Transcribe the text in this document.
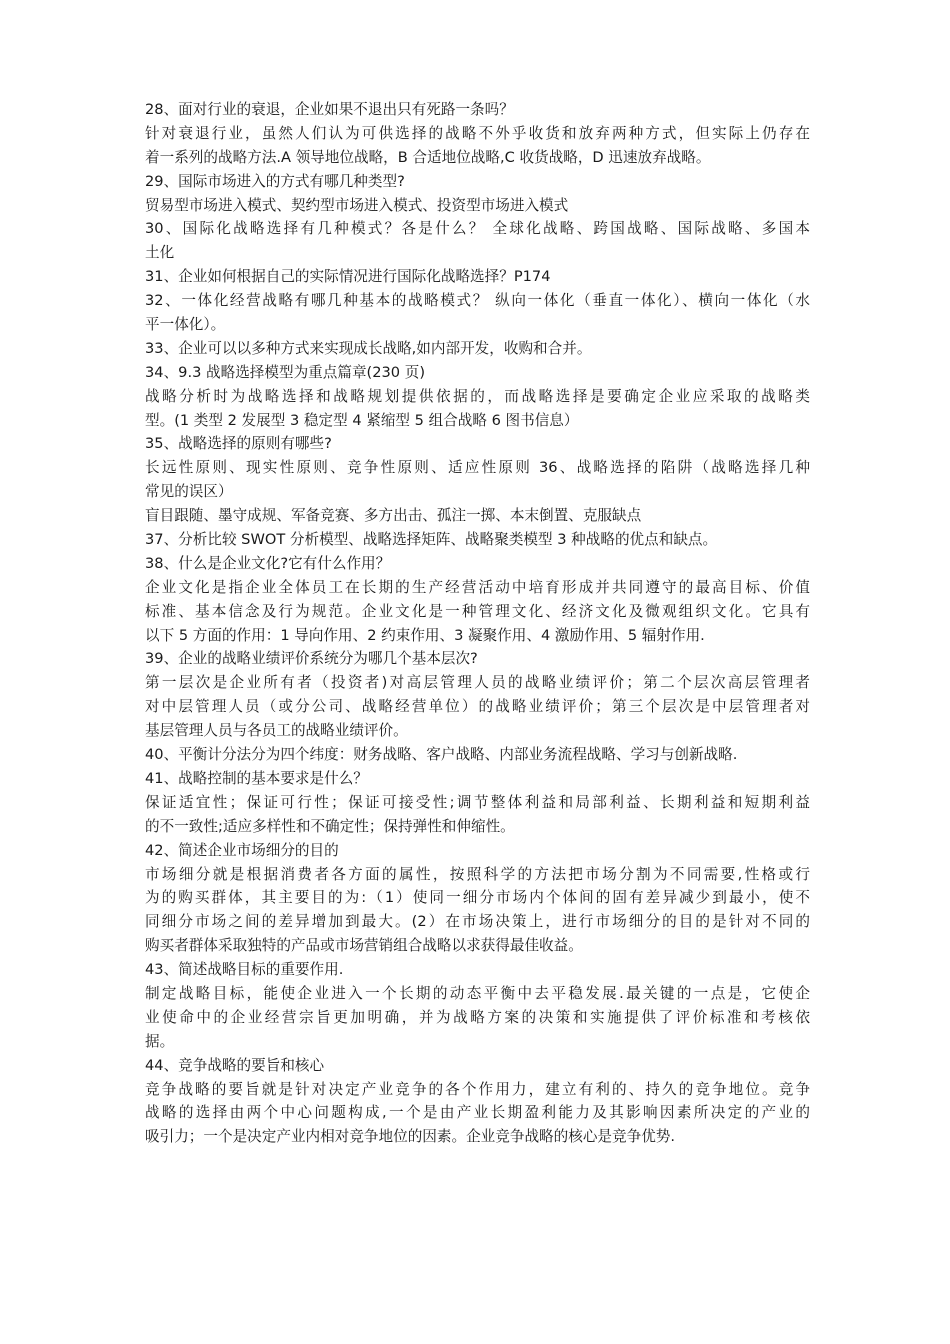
28、面对行业的衰退，企业如果不退出只有死路一条吗？
针对衰退行业，虽然人们认为可供选择的战略不外乎收货和放弃两种方式，但实际上仍存在
着一系列的战略方法.A 领导地位战略，B 合适地位战略,C 收货战略，D 迅速放弃战略。
29、国际市场进入的方式有哪几种类型?
贸易型市场进入模式、契约型市场进入模式、投资型市场进入模式
30、国际化战略选择有几种模式？各是什么？ 全球化战略、跨国战略、国际战略、多国本
土化
31、企业如何根据自己的实际情况进行国际化战略选择？P174
32、一体化经营战略有哪几种基本的战略模式？ 纵向一体化（垂直一体化）、横向一体化（水
平一体化）。
33、企业可以以多种方式来实现成长战略,如内部开发，收购和合并。
34、9.3 战略选择模型为重点篇章(230 页)
战略分析时为战略选择和战略规划提供依据的，而战略选择是要确定企业应采取的战略类
型。(1 类型 2 发展型 3 稳定型 4 紧缩型 5 组合战略 6 图书信息）
35、战略选择的原则有哪些?
长远性原则、现实性原则、竞争性原则、适应性原则 36、战略选择的陷阱（战略选择几种
常见的误区）
盲目跟随、墨守成规、军备竞赛、多方出击、孤注一掷、本末倒置、克服缺点
37、分析比较 SWOT 分析模型、战略选择矩阵、战略聚类模型 3 种战略的优点和缺点。
38、什么是企业文化?它有什么作用？
企业文化是指企业全体员工在长期的生产经营活动中培育形成并共同遵守的最高目标、价值
标准、基本信念及行为规范。企业文化是一种管理文化、经济文化及微观组织文化。它具有
以下 5 方面的作用：1 导向作用、2 约束作用、3 凝聚作用、4 激励作用、5 辐射作用.
39、企业的战略业绩评价系统分为哪几个基本层次?
第一层次是企业所有者（投资者)对高层管理人员的战略业绩评价；第二个层次高层管理者
对中层管理人员（或分公司、战略经营单位）的战略业绩评价；第三个层次是中层管理者对
基层管理人员与各员工的战略业绩评价。
40、平衡计分法分为四个纬度：财务战略、客户战略、内部业务流程战略、学习与创新战略.
41、战略控制的基本要求是什么？
保证适宜性；保证可行性；保证可接受性;调节整体利益和局部利益、长期利益和短期利益
的不一致性;适应多样性和不确定性；保持弹性和伸缩性。
42、简述企业市场细分的目的
市场细分就是根据消费者各方面的属性，按照科学的方法把市场分割为不同需要,性格或行
为的购买群体，其主要目的为:（1）使同一细分市场内个体间的固有差异减少到最小，使不
同细分市场之间的差异增加到最大。(2）在市场决策上，进行市场细分的目的是针对不同的
购买者群体采取独特的产品或市场营销组合战略以求获得最佳收益。
43、简述战略目标的重要作用.
制定战略目标，能使企业进入一个长期的动态平衡中去平稳发展.最关键的一点是，它使企
业使命中的企业经营宗旨更加明确，并为战略方案的决策和实施提供了评价标准和考核依
据。
44、竞争战略的要旨和核心
竞争战略的要旨就是针对决定产业竞争的各个作用力，建立有利的、持久的竞争地位。竞争
战略的选择由两个中心问题构成,一个是由产业长期盈利能力及其影响因素所决定的产业的
吸引力；一个是决定产业内相对竞争地位的因素。企业竞争战略的核心是竞争优势.
